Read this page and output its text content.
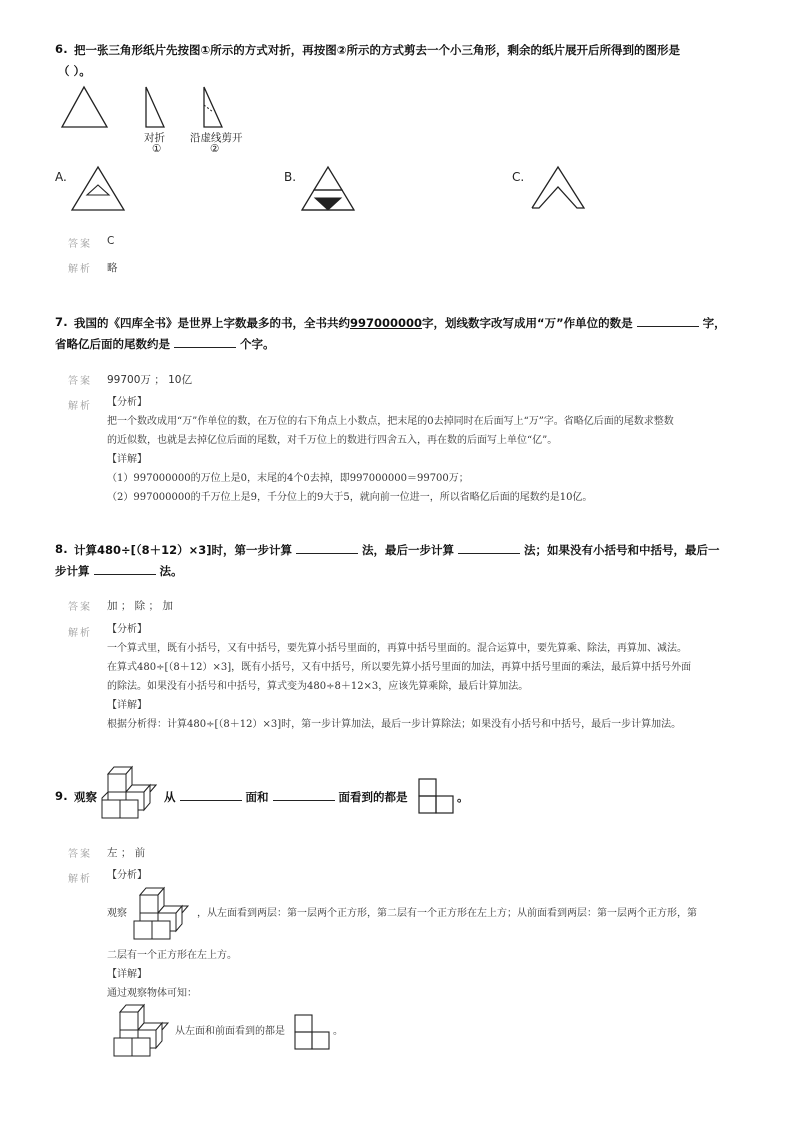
6. 把一张三角形纸片先按图①所示的方式对折，再按图②所示的方式剪去一个小三角形，剩余的纸片展开后所得到的图形是
（ ）。
对折
①
沿虚线剪开
②
A.	B.	C.
答案 C
解析 略
7. 我国的《四库全书》是世界上字数最多的书，全书共约997000000字，划线数字改写成用“万”作单位的数是	字，
省略亿后面的尾数约是	个字。
答案 99700万 ； 10亿
解析 【分析】
把一个数改成用“万”作单位的数，在万位的右下角点上小数点，把末尾的0去掉同时在后面写上“万”字。省略亿后面的尾数求整数
的近似数，也就是去掉亿位后面的尾数，对千万位上的数进行四舍五入，再在数的后面写上单位“亿”。
【详解】
（1）997000000的万位上是0，末尾的4个0去掉，即997000000＝99700万；
（2）997000000的千万位上是9，千分位上的9大于5，就向前一位进一，所以省略亿后面的尾数约是10亿。
8. 计算480÷[（8＋12）×3]时，第一步计算	法，最后一步计算	法；如果没有小括号和中括号，最后一
步计算	法。
答案 加 ； 除 ； 加
解析 【分析】
一个算式里，既有小括号，又有中括号，要先算小括号里面的，再算中括号里面的。混合运算中，要先算乘、除法，再算加、减法。
在算式480÷[（8＋12）×3]，既有小括号，又有中括号，所以要先算小括号里面的加法，再算中括号里面的乘法，最后算中括号外面
的除法。如果没有小括号和中括号，算式变为480÷8＋12×3，应该先算乘除，最后计算加法。
【详解】
根据分析得：计算480÷[（8＋12）×3]时，第一步计算加法，最后一步计算除法；如果没有小括号和中括号，最后一步计算加法。
9. 观察	从	面和	面看到的都是	。
答案 左 ； 前
解析 【分析】
观察	，从左面看到两层：第一层两个正方形，第二层有一个正方形在左上方；从前面看到两层：第一层两个正方形，第
二层有一个正方形在左上方。
【详解】
通过观察物体可知：
从左面和前面看到的都是	。
